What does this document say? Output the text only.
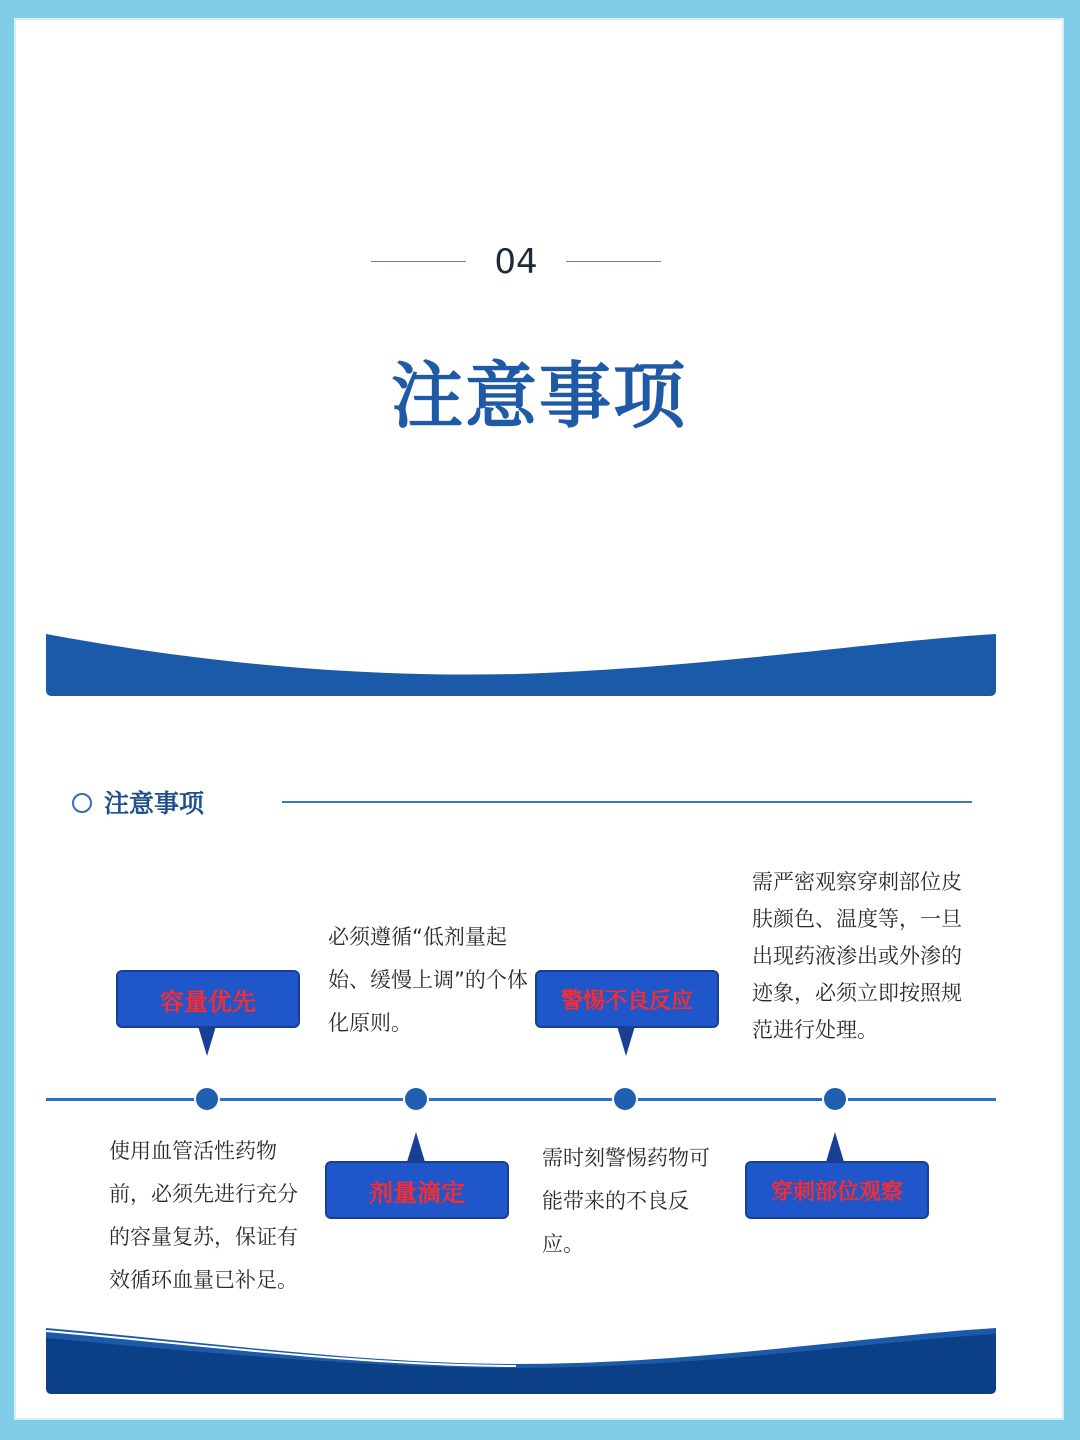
04
注意事项
注意事项
容量优先
使用血管活性药物前，必须先进行充分的容量复苏，保证有效循环血量已补足。
必须遵循“低剂量起始、缓慢上调”的个体化原则。
剂量滴定
警惕不良反应
需时刻警惕药物可能带来的不良反应。
需严密观察穿刺部位皮肤颜色、温度等，一旦出现药液渗出或外渗的迹象，必须立即按照规范进行处理。
穿刺部位观察
